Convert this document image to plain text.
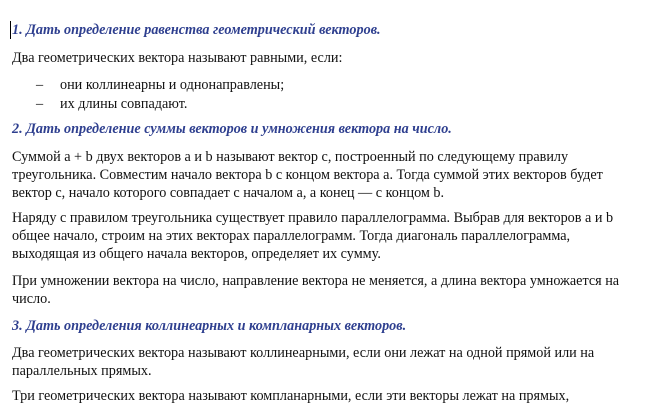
1. Дать определение равенства геометрический векторов.

Два геометрических вектора называют равными, если:

– они коллинеарны и однонаправлены;
– их длины совпадают.
2. Дать определение суммы векторов и умножения вектора на число.

Суммой a + b двух векторов a и b называют вектор c, построенный по следующему правилу треугольника. Совместим начало вектора b с концом вектора a. Тогда суммой этих векторов будет вектор c, начало которого совпадает с началом a, а конец — с концом b.

Наряду с правилом треугольника существует правило параллелограмма. Выбрав для векторов a и b общее начало, строим на этих векторах параллелограмм. Тогда диагональ параллелограмма, выходящая из общего начала векторов, определяет их сумму.

При умножении вектора на число, направление вектора не меняется, а длина вектора умножается на число.

3. Дать определения коллинеарных и компланарных векторов.

Два геометрических вектора называют коллинеарными, если они лежат на одной прямой или на параллельных прямых.

Три геометрических вектора называют компланарными, если эти векторы лежат на прямых,
